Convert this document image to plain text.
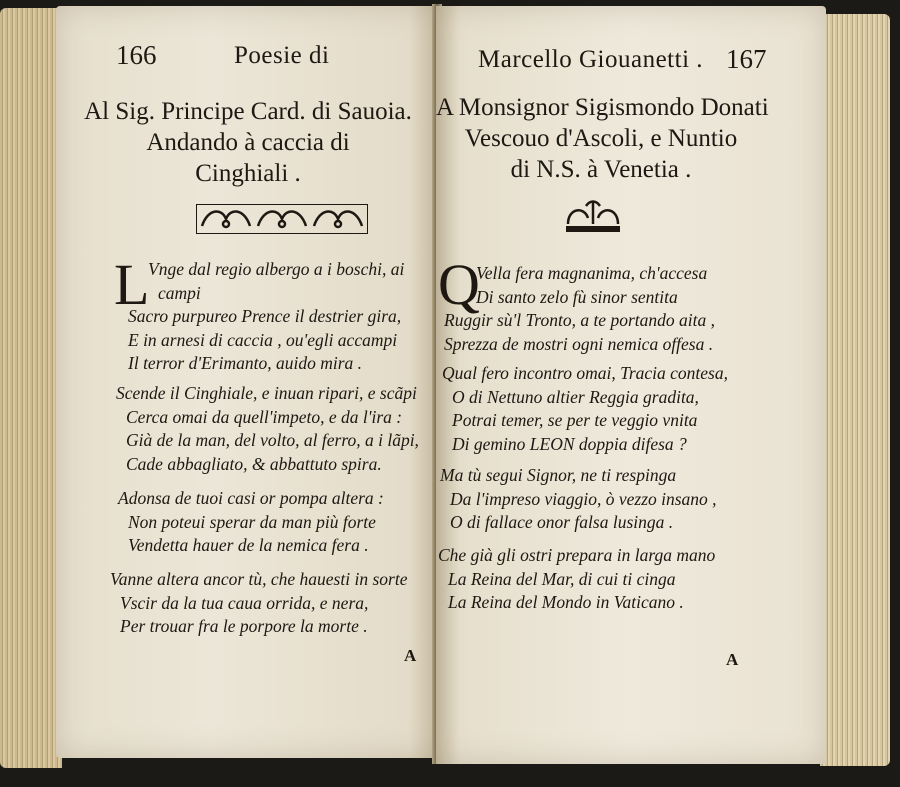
166	Poesie di
Al Sig. Principe Card. di Sauoia.
Andando à caccia di
Cinghiali .
L
Vnge dal regio albergo a i boschi, ai
campi
Sacro purpureo Prence il destrier gira,
E in arnesi di caccia , ou'egli accampi
Il terror d'Erimanto, auido mira .
Scende il Cinghiale, e inuan ripari, e scãpi
Cerca omai da quell'impeto, e da l'ira :
Già de la man, del volto, al ferro, a i lãpi,
Cade abbagliato, & abbattuto spira.
Adonsa de tuoi casi or pompa altera :
Non poteui sperar da man più forte
Vendetta hauer de la nemica fera .
Vanne altera ancor tù, che hauesti in sorte
Vscir da la tua caua orrida, e nera,
Per trouar fra le porpore la morte .
A
Marcello Giouanetti . 167
A Monsignor Sigismondo Donati
Vescouo d'Ascoli, e Nuntio
di N.S. à Venetia .
Q
Vella fera magnanima, ch'accesa
Di santo zelo fù sinor sentita
Ruggir sù'l Tronto, a te portando aita ,
Sprezza de mostri ogni nemica offesa .
Qual fero incontro omai, Tracia contesa,
O di Nettuno altier Reggia gradita,
Potrai temer, se per te veggio vnita
Di gemino LEON doppia difesa ?
Ma tù segui Signor, ne ti respinga
Da l'impreso viaggio, ò vezzo insano ,
O di fallace onor falsa lusinga .
Che già gli ostri prepara in larga mano
La Reina del Mar, di cui ti cinga
La Reina del Mondo in Vaticano .
A
